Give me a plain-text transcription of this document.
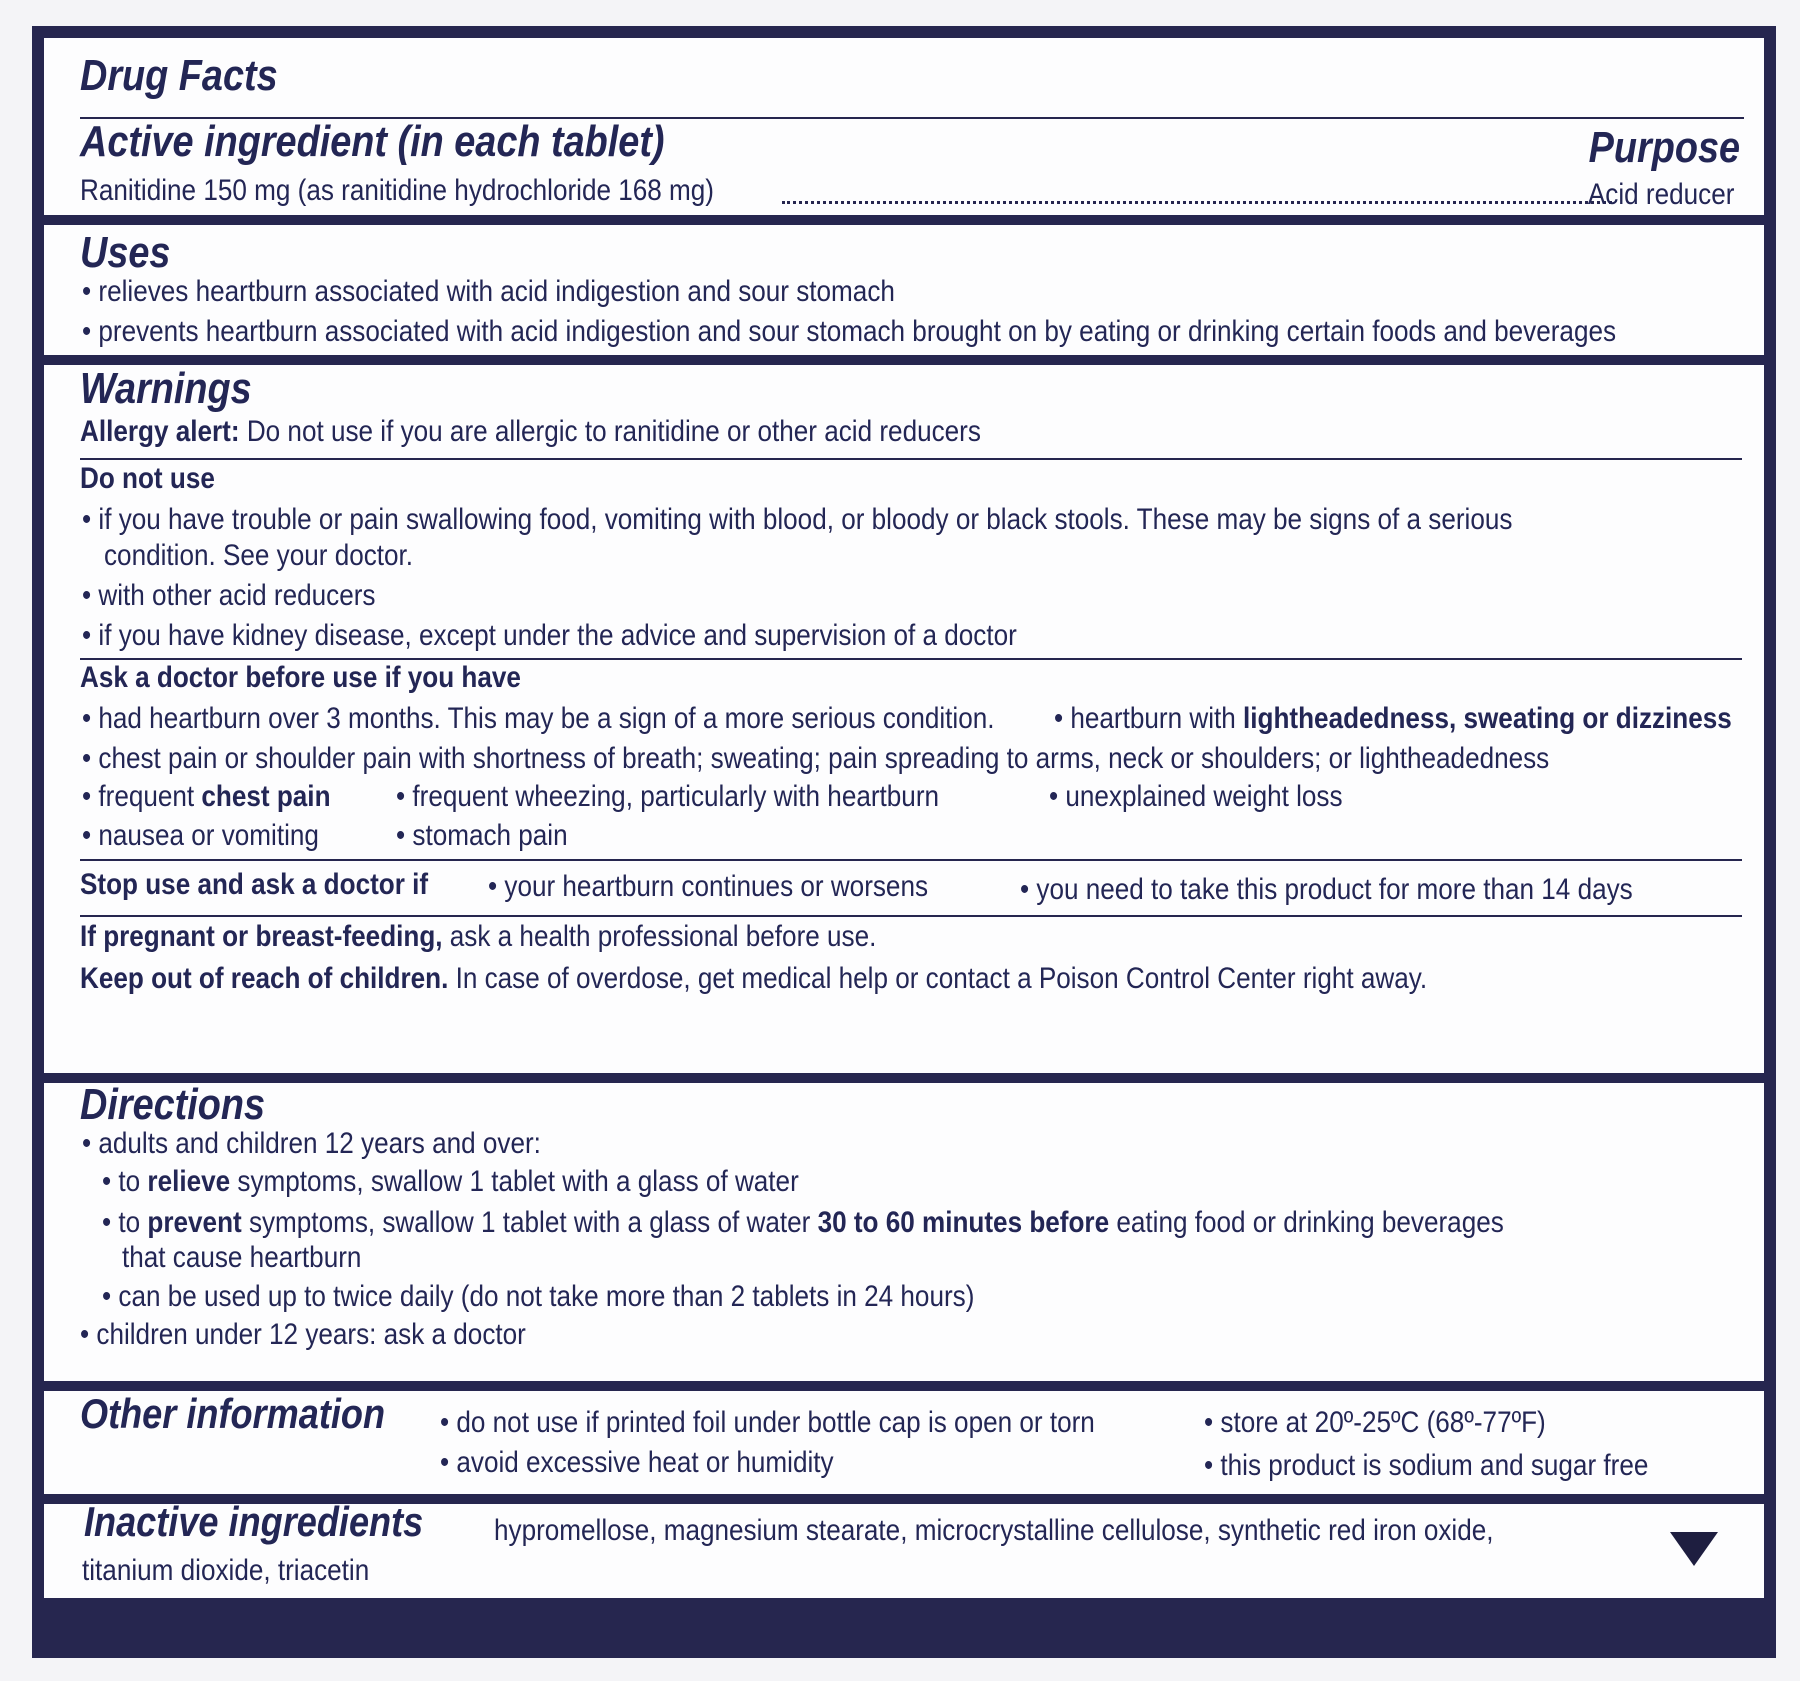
Drug Facts
Active ingredient (in each tablet)	Purpose
Ranitidine 150 mg (as ranitidine hydrochloride 168 mg)	Acid reducer
Uses
• relieves heartburn associated with acid indigestion and sour stomach
• prevents heartburn associated with acid indigestion and sour stomach brought on by eating or drinking certain foods and beverages
Warnings
Allergy alert: Do not use if you are allergic to ranitidine or other acid reducers
Do not use
• if you have trouble or pain swallowing food, vomiting with blood, or bloody or black stools. These may be signs of a serious
condition. See your doctor.
• with other acid reducers
• if you have kidney disease, except under the advice and supervision of a doctor
Ask a doctor before use if you have
• had heartburn over 3 months. This may be a sign of a more serious condition. • heartburn with lightheadedness, sweating or dizziness
• chest pain or shoulder pain with shortness of breath; sweating; pain spreading to arms, neck or shoulders; or lightheadedness
• frequent chest pain • frequent wheezing, particularly with heartburn	• unexplained weight loss
• nausea or vomiting	• stomach pain
Stop use and ask a doctor if • your heartburn continues or worsens	• you need to take this product for more than 14 days
If pregnant or breast-feeding, ask a health professional before use.
Keep out of reach of children. In case of overdose, get medical help or contact a Poison Control Center right away.
Directions
• adults and children 12 years and over:
• to relieve symptoms, swallow 1 tablet with a glass of water
• to prevent symptoms, swallow 1 tablet with a glass of water 30 to 60 minutes before eating food or drinking beverages
that cause heartburn
• can be used up to twice daily (do not take more than 2 tablets in 24 hours)
• children under 12 years: ask a doctor
Other information • do not use if printed foil under bottle cap is open or torn
• avoid excessive heat or humidity
• store at 20º-25ºC (68º-77ºF)
• this product is sodium and sugar free
Inactive ingredients hypromellose, magnesium stearate, microcrystalline cellulose, synthetic red iron oxide,
titanium dioxide, triacetin
